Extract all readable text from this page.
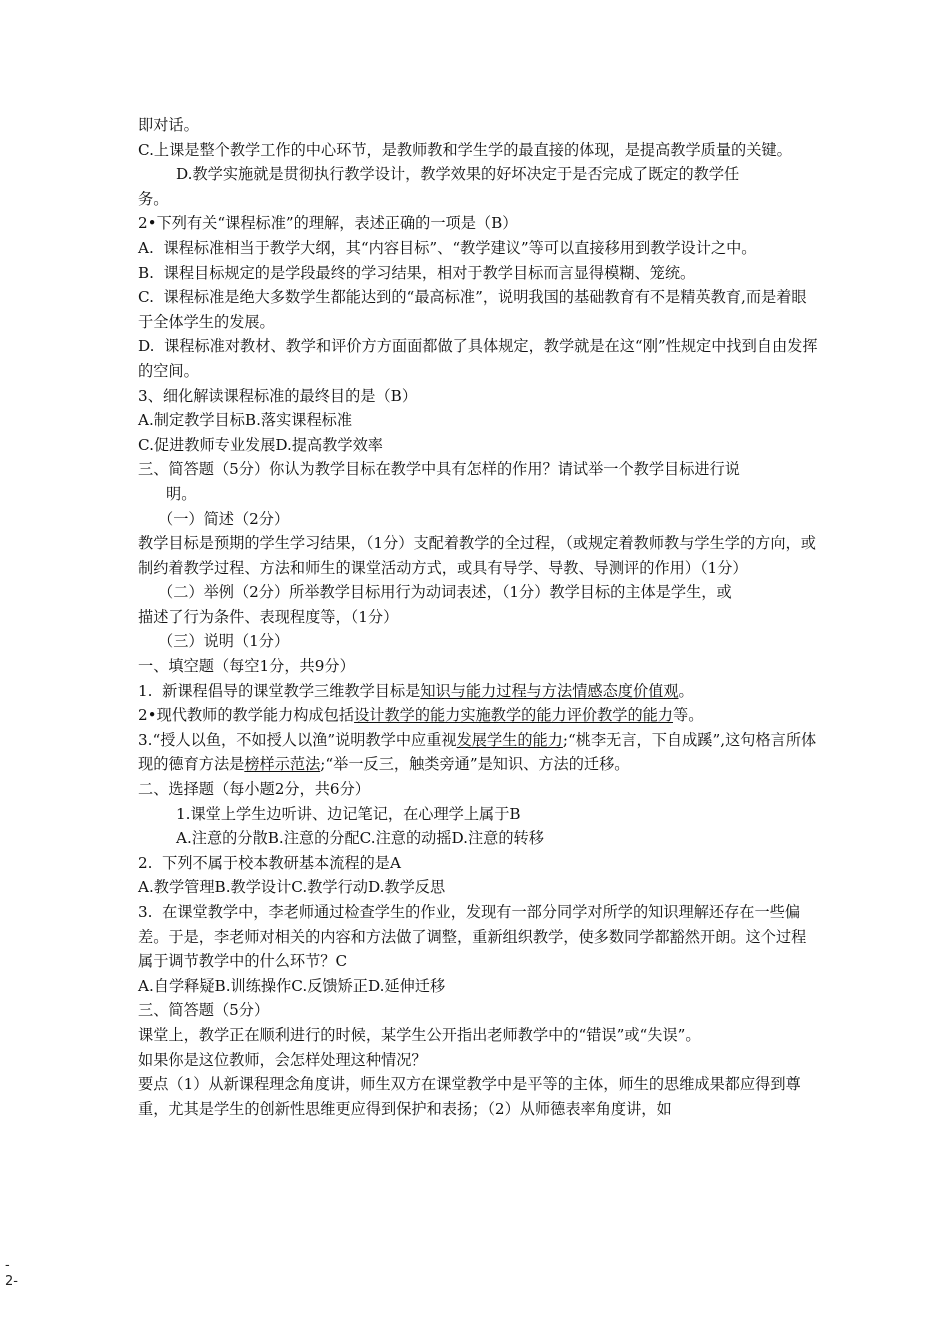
即对话。
C.上课是整个教学工作的中心环节，是教师教和学生学的最直接的体现，是提高教学质量的关键。
D.教学实施就是贯彻执行教学设计，教学效果的好坏决定于是否完成了既定的教学任
务。
2•下列有关“课程标准”的理解，表述正确的一项是（B）
A.  课程标准相当于教学大纲，其“内容目标”、“教学建议”等可以直接移用到教学设计之中。
B.  课程目标规定的是学段最终的学习结果，相对于教学目标而言显得模糊、笼统。
C.  课程标准是绝大多数学生都能达到的“最高标准”，说明我国的基础教育有不是精英教育,而是着眼于全体学生的发展。
D.  课程标准对教材、教学和评价方方面面都做了具体规定，教学就是在这“刚”性规定中找到自由发挥的空间。
3、细化解读课程标准的最终目的是（B）
A.制定教学目标B.落实课程标准
C.促进教师专业发展D.提高教学效率
三、简答题（5分）你认为教学目标在教学中具有怎样的作用？请试举一个教学目标进行说
明。
（一）简述（2分）
教学目标是预期的学生学习结果，（1分）支配着教学的全过程，（或规定着教师教与学生学的方向，或制约着教学过程、方法和师生的课堂活动方式，或具有导学、导教、导测评的作用）（1分）
（二）举例（2分）所举教学目标用行为动词表述，（1分）教学目标的主体是学生，或
描述了行为条件、表现程度等，（1分）
（三）说明（1分）
一、填空题（每空1分，共9分）
1.  新课程倡导的课堂教学三维教学目标是知识与能力过程与方法情感态度价值观。
2•现代教师的教学能力构成包括设计教学的能力实施教学的能力评价教学的能力等。
3.“授人以鱼，不如授人以渔”说明教学中应重视发展学生的能力;“桃李无言，下自成蹊”,这句格言所体现的德育方法是榜样示范法;“举一反三，触类旁通”是知识、方法的迁移。
二、选择题（每小题2分，共6分）
1.课堂上学生边听讲、边记笔记，在心理学上属于B
A.注意的分散B.注意的分配C.注意的动摇D.注意的转移
2.  下列不属于校本教研基本流程的是A
A.教学管理B.教学设计C.教学行动D.教学反思
3.  在课堂教学中，李老师通过检查学生的作业，发现有一部分同学对所学的知识理解还存在一些偏差。于是，李老师对相关的内容和方法做了调整，重新组织教学，使多数同学都豁然开朗。这个过程属于调节教学中的什么环节？C
A.自学释疑B.训练操作C.反馈矫正D.延伸迁移
三、简答题（5分）
课堂上，教学正在顺利进行的时候，某学生公开指出老师教学中的“错误”或“失误”。
如果你是这位教师，会怎样处理这种情况？
要点（1）从新课程理念角度讲，师生双方在课堂教学中是平等的主体，师生的思维成果都应得到尊重，尤其是学生的创新性思维更应得到保护和表扬；（2）从师德表率角度讲，如
-
2-
